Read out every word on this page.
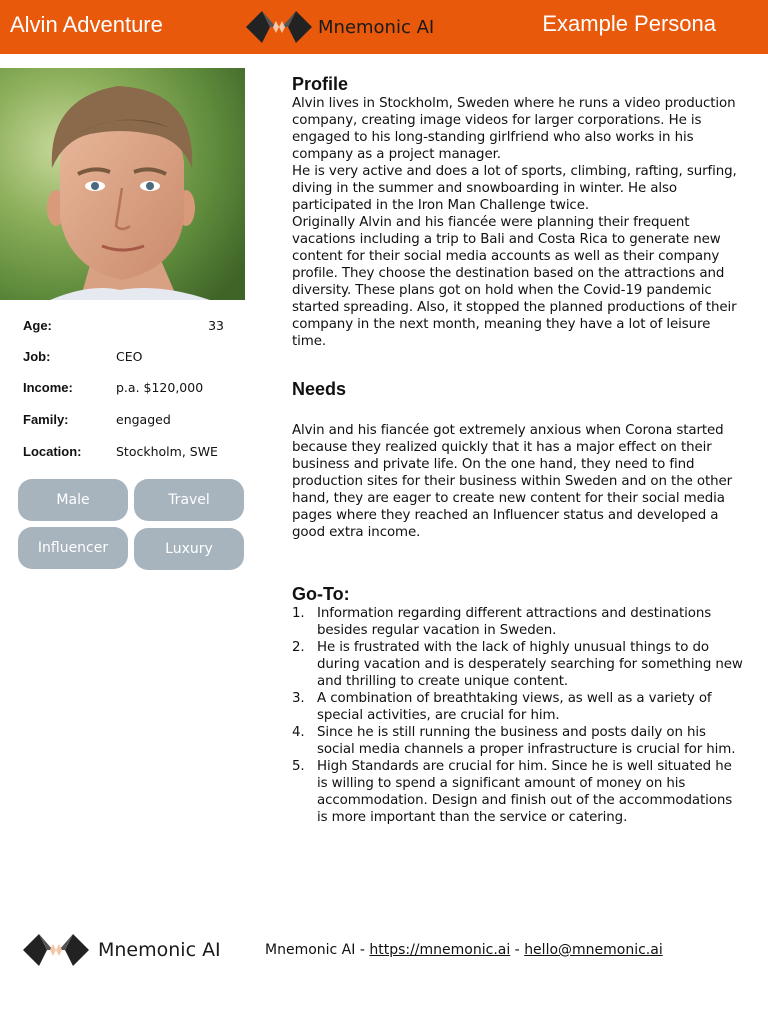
Alvin Adventure	Mnemonic AI	Example Persona
Age:	33
Job:	CEO
Income:	p.a. $120,000
Family:	engaged
Location:	Stockholm, SWE
Male	Travel
Influencer	Luxury
Profile

Alvin lives in Stockholm, Sweden where he runs a video production company, creating image videos for larger corporations. He is engaged to his long-standing girlfriend who also works in his company as a project manager.

He is very active and does a lot of sports, climbing, rafting, surfing, diving in the summer and snowboarding in winter. He also participated in the Iron Man Challenge twice.

Originally Alvin and his fiancée were planning their frequent vacations including a trip to Bali and Costa Rica to generate new content for their social media accounts as well as their company profile. They choose the destination based on the attractions and diversity. These plans got on hold when the Covid-19 pandemic started spreading. Also, it stopped the planned productions of their company in the next month, meaning they have a lot of leisure time.

Needs

Alvin and his fiancée got extremely anxious when Corona started because they realized quickly that it has a major effect on their business and private life. On the one hand, they need to find production sites for their business within Sweden and on the other hand, they are eager to create new content for their social media pages where they reached an Influencer status and developed a good extra income.

Go-To:
1. Information regarding different attractions and destinations besides regular vacation in Sweden.
2. He is frustrated with the lack of highly unusual things to do during vacation and is desperately searching for something new and thrilling to create unique content.
3. A combination of breathtaking views, as well as a variety of special activities, are crucial for him.
4. Since he is still running the business and posts daily on his social media channels a proper infrastructure is crucial for him.
5. High Standards are crucial for him. Since he is well situated he is willing to spend a significant amount of money on his accommodation. Design and finish out of the accommodations is more important than the service or catering.
Mnemonic AI	Mnemonic AI - https://mnemonic.ai - hello@mnemonic.ai
